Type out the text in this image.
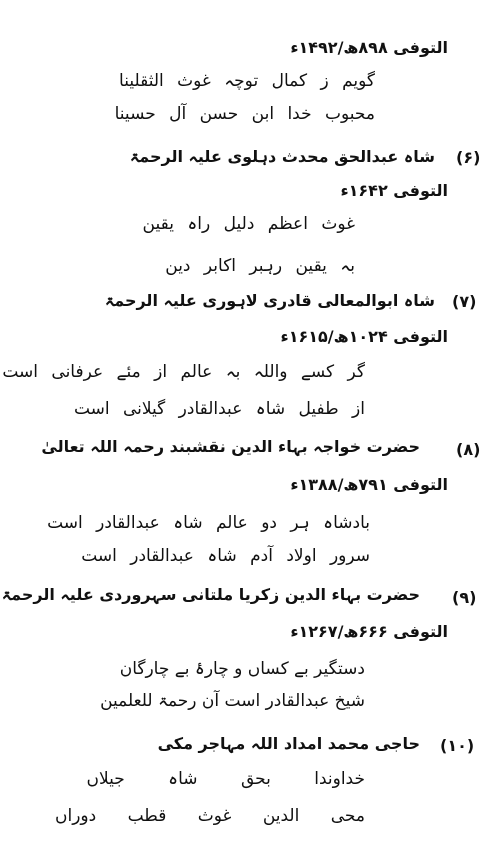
التوفی ۸۹۸ھ/۱۴۹۲ء
گویم ز کمال توچہ غوث الثقلینا
محبوب خدا ابن حسن آل حسینا
(۶)
شاہ عبدالحق محدث دہلوی علیہ الرحمۃ
التوفی ۱۶۴۲ء
غوث اعظم دلیل راہ یقین
بہ یقین رہبر اکابر دین
(۷)
شاہ ابوالمعالی قادری لاہوری علیہ الرحمۃ
التوفی ۱۰۲۴ھ/۱۶۱۵ء
گر کسے واللہ بہ عالم از مئے عرفانی است
از طفیل شاہ عبدالقادر گیلانی است
(۸)
حضرت خواجہ بہاء الدین نقشبند رحمہ اللہ تعالیٰ
التوفی ۷۹۱ھ/۱۳۸۸ء
بادشاہ ہر دو عالم شاہ عبدالقادر است
سرور اولاد آدم شاہ عبدالقادر است
(۹)
حضرت بہاء الدین زکریا ملتانی سہروردی علیہ الرحمۃ
التوفی ۶۶۶ھ/۱۲۶۷ء
دستگیر بے کساں و چارۂ بے چارگان
شیخ عبدالقادر است آن رحمۃ للعلمین
(۱۰)
حاجی محمد امداد اللہ مہاجر مکی
خداوندا بحق شاہ جیلاں
محی الدین غوث قطب دوراں
